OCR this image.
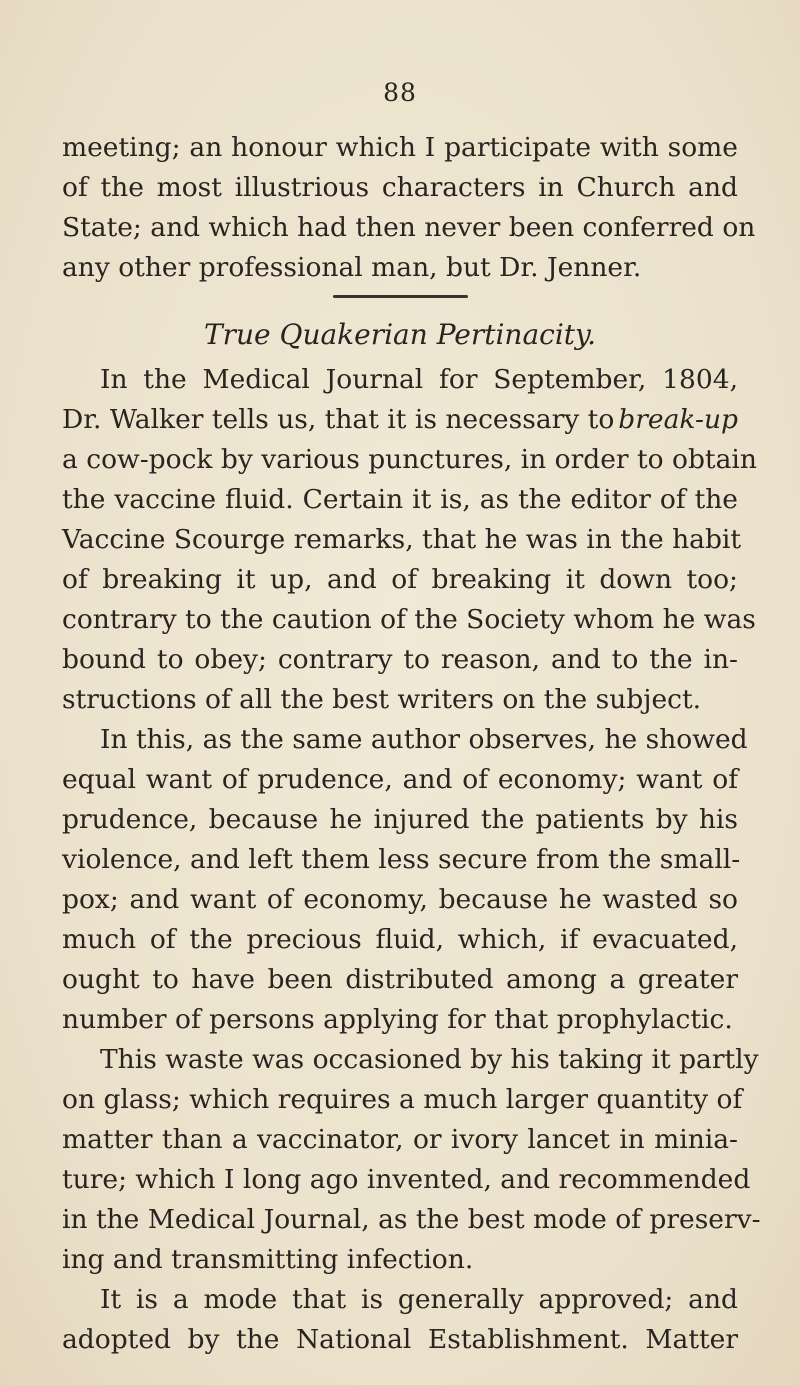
88
meeting; an honour which I participate with some
of the most illustrious characters in Church and
State; and which had then never been conferred on
any other professional man, but Dr. Jenner.
True Quakerian Pertinacity.
In the Medical Journal for September, 1804,
Dr. Walker tells us, that it is necessary to break-up
a cow-pock by various punctures, in order to obtain
the vaccine fluid. Certain it is, as the editor of the
Vaccine Scourge remarks, that he was in the habit
of breaking it up, and of breaking it down too;
contrary to the caution of the Society whom he was
bound to obey; contrary to reason, and to the in-
structions of all the best writers on the subject.
In this, as the same author observes, he showed
equal want of prudence, and of economy; want of
prudence, because he injured the patients by his
violence, and left them less secure from the small-
pox; and want of economy, because he wasted so
much of the precious fluid, which, if evacuated,
ought to have been distributed among a greater
number of persons applying for that prophylactic.
This waste was occasioned by his taking it partly
on glass; which requires a much larger quantity of
matter than a vaccinator, or ivory lancet in minia-
ture; which I long ago invented, and recommended
in the Medical Journal, as the best mode of preserv-
ing and transmitting infection.
It is a mode that is generally approved; and
adopted by the National Establishment. Matter
